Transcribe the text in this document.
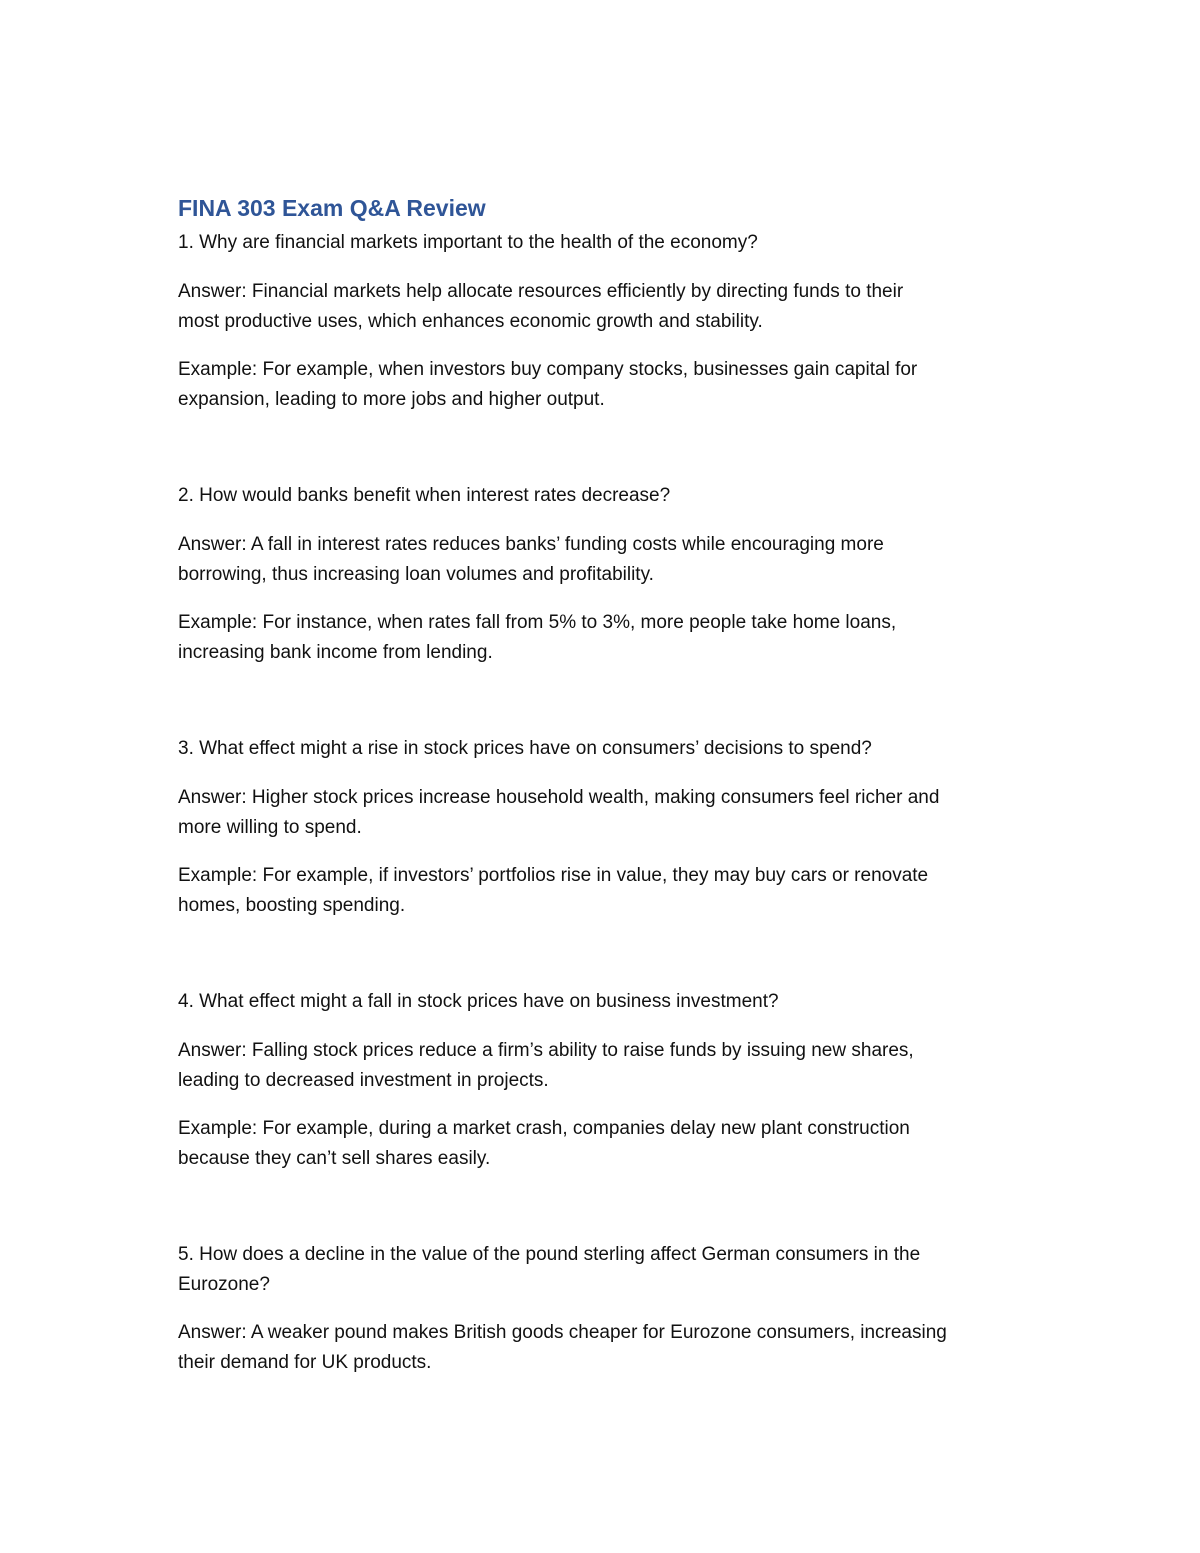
FINA 303 Exam Q&A Review

1. Why are financial markets important to the health of the economy?

Answer: Financial markets help allocate resources efficiently by directing funds to their

most productive uses, which enhances economic growth and stability.

Example: For example, when investors buy company stocks, businesses gain capital for

expansion, leading to more jobs and higher output.

2. How would banks benefit when interest rates decrease?

Answer: A fall in interest rates reduces banks’ funding costs while encouraging more

borrowing, thus increasing loan volumes and profitability.

Example: For instance, when rates fall from 5% to 3%, more people take home loans,

increasing bank income from lending.

3. What effect might a rise in stock prices have on consumers’ decisions to spend?

Answer: Higher stock prices increase household wealth, making consumers feel richer and

more willing to spend.

Example: For example, if investors’ portfolios rise in value, they may buy cars or renovate

homes, boosting spending.

4. What effect might a fall in stock prices have on business investment?

Answer: Falling stock prices reduce a firm’s ability to raise funds by issuing new shares,

leading to decreased investment in projects.

Example: For example, during a market crash, companies delay new plant construction

because they can’t sell shares easily.

5. How does a decline in the value of the pound sterling affect German consumers in the

Eurozone?

Answer: A weaker pound makes British goods cheaper for Eurozone consumers, increasing

their demand for UK products.
